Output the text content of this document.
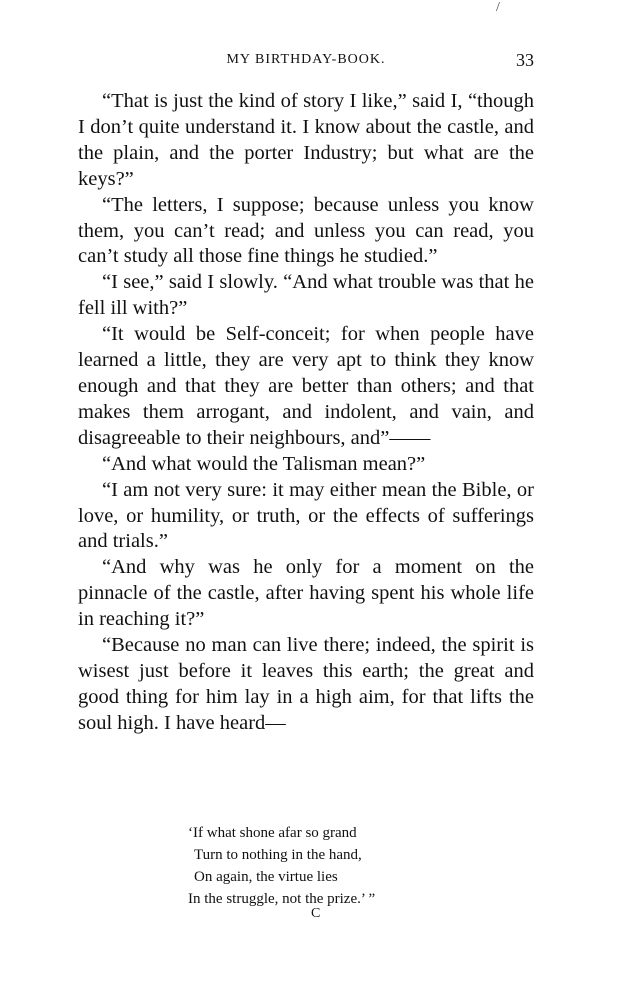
/
MY BIRTHDAY-BOOK.	33

“That is just the kind of story I like,” said I, “though I don’t quite understand it. I know about the castle, and the plain, and the porter Industry; but what are the keys?”

“The letters, I suppose; because unless you know them, you can’t read; and unless you can read, you can’t study all those fine things he studied.”

“I see,” said I slowly. “And what trouble was that he fell ill with?”

“It would be Self-conceit; for when people have learned a little, they are very apt to think they know enough and that they are better than others; and that makes them arrogant, and indolent, and vain, and disagreeable to their neighbours, and”——

“And what would the Talisman mean?”

“I am not very sure: it may either mean the Bible, or love, or humility, or truth, or the effects of sufferings and trials.”

“And why was he only for a moment on the pinnacle of the castle, after having spent his whole life in reaching it?”

“Because no man can live there; indeed, the spirit is wisest just before it leaves this earth; the great and good thing for him lay in a high aim, for that lifts the soul high. I have heard—

‘If what shone afar so grand
Turn to nothing in the hand,
On again, the virtue lies
In the struggle, not the prize.’ ”
C
